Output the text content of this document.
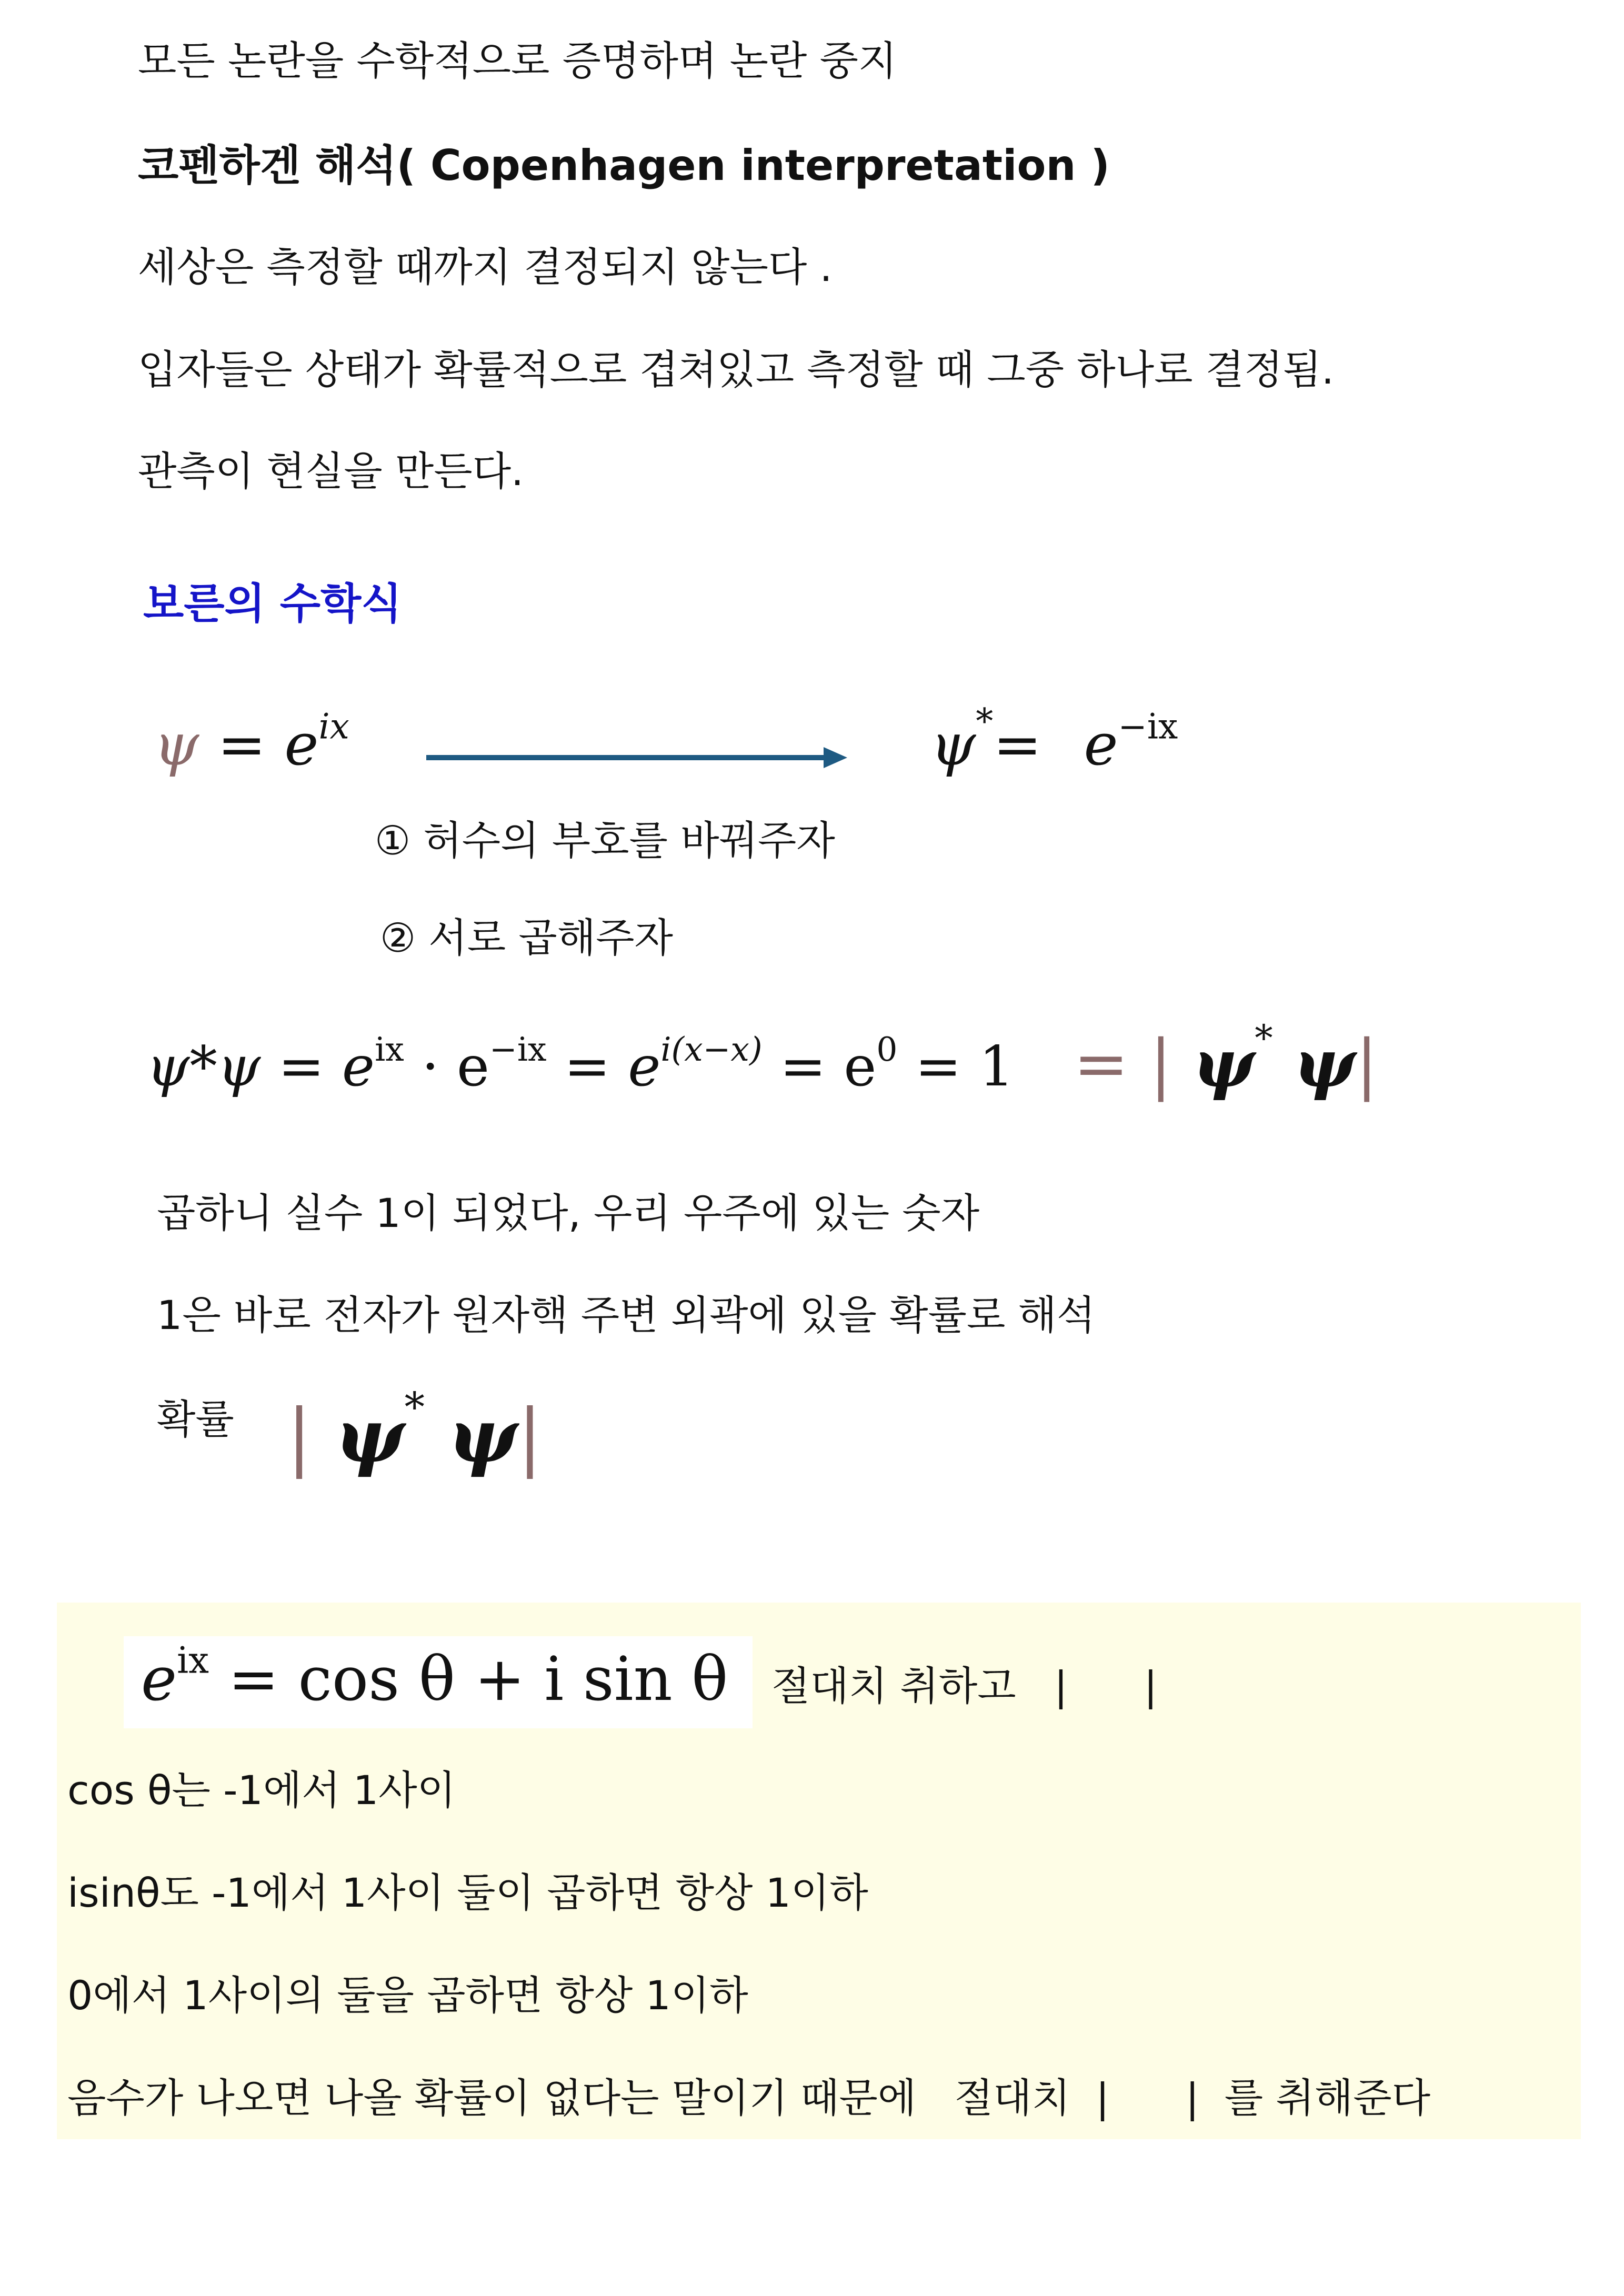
모든 논란을 수학적으로 증명하며 논란 중지
코펜하겐 해석( Copenhagen interpretation )
세상은 측정할 때까지 결정되지 않는다 .
입자들은 상태가 확률적으로 겹쳐있고 측정할 때 그중 하나로 결정됨.
관측이 현실을 만든다.
보른의 수학식
$\psi = e^{ix}$	$\psi^*= e^{-ix}$
① 허수의 부호를 바꿔주자
② 서로 곱해주자
$\psi*\psi = e^{ix} \cdot e^{-ix} = e^{i(x-x)} = e^0 = 1$ = | ψ* ψ|
곱하니 실수 1이 되었다, 우리 우주에 있는 숫자
1은 바로 전자가 원자핵 주변 외곽에 있을 확률로 해석
확률 | ψ* ψ|
$e^{ix} = \cos \theta + i$ sin θ 절대치 취하고   |      |
cos θ는 -1에서 1사이
isinθ도 -1에서 1사이 둘이 곱하면 항상 1이하
0에서 1사이의 둘을 곱하면 항상 1이하
음수가 나오면 나올 확률이 없다는 말이기 때문에   절대치  |      |  를 취해준다
